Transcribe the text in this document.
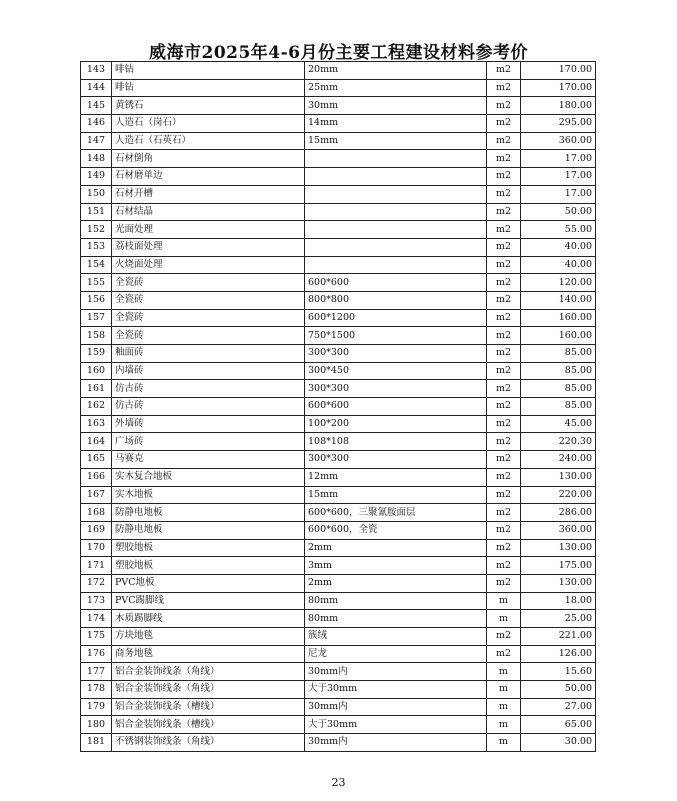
威海市2025年4-6月份主要工程建设材料参考价
143	啡钻	20mm	m2	170.00
144	啡钻	25mm	m2	170.00
145	黄锈石	30mm	m2	180.00
146	人造石（岗石）	14mm	m2	295.00
147	人造石（石英石）	15mm	m2	360.00
148	石材倒角		m2	17.00
149	石材磨单边		m2	17.00
150	石材开槽		m2	17.00
151	石材结晶		m2	50.00
152	光面处理		m2	55.00
153	荔枝面处理		m2	40.00
154	火烧面处理		m2	40.00
155	全瓷砖	600*600	m2	120.00
156	全瓷砖	800*800	m2	140.00
157	全瓷砖	600*1200	m2	160.00
158	全瓷砖	750*1500	m2	160.00
159	釉面砖	300*300	m2	85.00
160	内墙砖	300*450	m2	85.00
161	仿古砖	300*300	m2	85.00
162	仿古砖	600*600	m2	85.00
163	外墙砖	100*200	m2	45.00
164	广场砖	108*108	m2	220.30
165	马赛克	300*300	m2	240.00
166	实木复合地板	12mm	m2	130.00
167	实木地板	15mm	m2	220.00
168	防静电地板	600*600，三聚氰胺面层	m2	286.00
169	防静电地板	600*600，全瓷	m2	360.00
170	塑胶地板	2mm	m2	130.00
171	塑胶地板	3mm	m2	175.00
172	PVC地板	2mm	m2	130.00
173	PVC踢脚线	80mm	m	18.00
174	木质踢脚线	80mm	m	25.00
175	方块地毯	簇绒	m2	221.00
176	商务地毯	尼龙	m2	126.00
177	铝合金装饰线条（角线）	30mm内	m	15.60
178	铝合金装饰线条（角线）	大于30mm	m	50.00
179	铝合金装饰线条（槽线）	30mm内	m	27.00
180	铝合金装饰线条（槽线）	大于30mm	m	65.00
181	不锈钢装饰线条（角线）	30mm内	m	30.00
23
